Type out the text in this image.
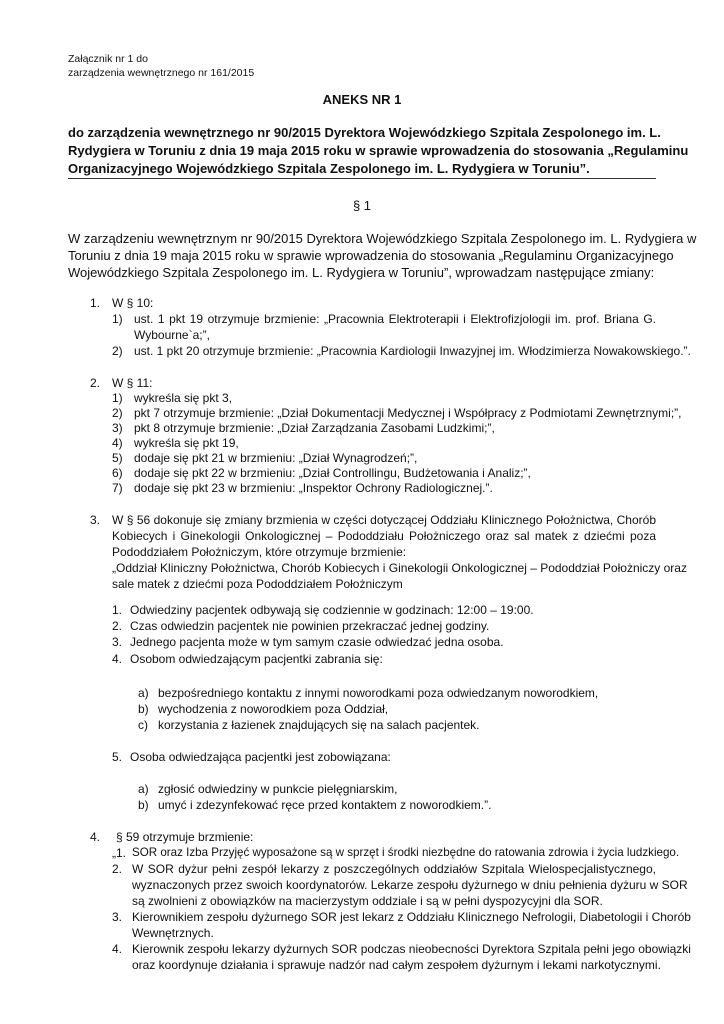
Załącznik nr 1 do
zarządzenia wewnętrznego nr 161/2015
ANEKS NR 1
do zarządzenia wewnętrznego nr 90/2015 Dyrektora Wojewódzkiego Szpitala Zespolonego im. L.
Rydygiera w Toruniu z dnia 19 maja 2015 roku w sprawie wprowadzenia do stosowania „Regulaminu
Organizacyjnego Wojewódzkiego Szpitala Zespolonego im. L. Rydygiera w Toruniu”.
§ 1
W zarządzeniu wewnętrznym nr 90/2015 Dyrektora Wojewódzkiego Szpitala Zespolonego im. L. Rydygiera w
Toruniu z dnia 19 maja 2015 roku w sprawie wprowadzenia do stosowania „Regulaminu Organizacyjnego
Wojewódzkiego Szpitala Zespolonego im. L. Rydygiera w Toruniu”, wprowadzam następujące zmiany:
1. W § 10:
1) ust. 1 pkt 19 otrzymuje brzmienie: „Pracownia Elektroterapii i Elektrofizjologii im. prof. Briana G.
Wybourne`a;”,
2) ust. 1 pkt 20 otrzymuje brzmienie: „Pracownia Kardiologii Inwazyjnej im. Włodzimierza Nowakowskiego.”.
2. W § 11:
1) wykreśla się pkt 3,
2) pkt 7 otrzymuje brzmienie: „Dział Dokumentacji Medycznej i Współpracy z Podmiotami Zewnętrznymi;”,
3) pkt 8 otrzymuje brzmienie: „Dział Zarządzania Zasobami Ludzkimi;”,
4) wykreśla się pkt 19,
5) dodaje się pkt 21 w brzmieniu: „Dział Wynagrodzeń;”,
6) dodaje się pkt 22 w brzmieniu: „Dział Controllingu, Budżetowania i Analiz;”,
7) dodaje się pkt 23 w brzmieniu: „Inspektor Ochrony Radiologicznej.”.
3. W § 56 dokonuje się zmiany brzmienia w części dotyczącej Oddziału Klinicznego Położnictwa, Chorób
Kobiecych i Ginekologii Onkologicznej – Pododdziału Położniczego oraz sal matek z dziećmi poza
Pododdziałem Położniczym, które otrzymuje brzmienie:
„Oddział Kliniczny Położnictwa, Chorób Kobiecych i Ginekologii Onkologicznej – Pododdział Położniczy oraz
sale matek z dziećmi poza Pododdziałem Położniczym
1. Odwiedziny pacjentek odbywają się codziennie w godzinach: 12:00 – 19:00.
2. Czas odwiedzin pacjentek nie powinien przekraczać jednej godziny.
3. Jednego pacjenta może w tym samym czasie odwiedzać jedna osoba.
4. Osobom odwiedzającym pacjentki zabrania się:
a) bezpośredniego kontaktu z innymi noworodkami poza odwiedzanym noworodkiem,
b) wychodzenia z noworodkiem poza Oddział,
c) korzystania z łazienek znajdujących się na salach pacjentek.
5. Osoba odwiedzająca pacjentki jest zobowiązana:
a) zgłosić odwiedziny w punkcie pielęgniarskim,
b) umyć i zdezynfekować ręce przed kontaktem z noworodkiem.”.
4. § 59 otrzymuje brzmienie:
„1. SOR oraz Izba Przyjęć wyposażone są w sprzęt i środki niezbędne do ratowania zdrowia i życia ludzkiego.
2. W SOR dyżur pełni zespół lekarzy z poszczególnych oddziałów Szpitala Wielospecjalistycznego,
wyznaczonych przez swoich koordynatorów. Lekarze zespołu dyżurnego w dniu pełnienia dyżuru w SOR
są zwolnieni z obowiązków na macierzystym oddziale i są w pełni dyspozycyjni dla SOR.
3. Kierownikiem zespołu dyżurnego SOR jest lekarz z Oddziału Klinicznego Nefrologii, Diabetologii i Chorób
Wewnętrznych.
4. Kierownik zespołu lekarzy dyżurnych SOR podczas nieobecności Dyrektora Szpitala pełni jego obowiązki
oraz koordynuje działania i sprawuje nadzór nad całym zespołem dyżurnym i lekami narkotycznymi.
